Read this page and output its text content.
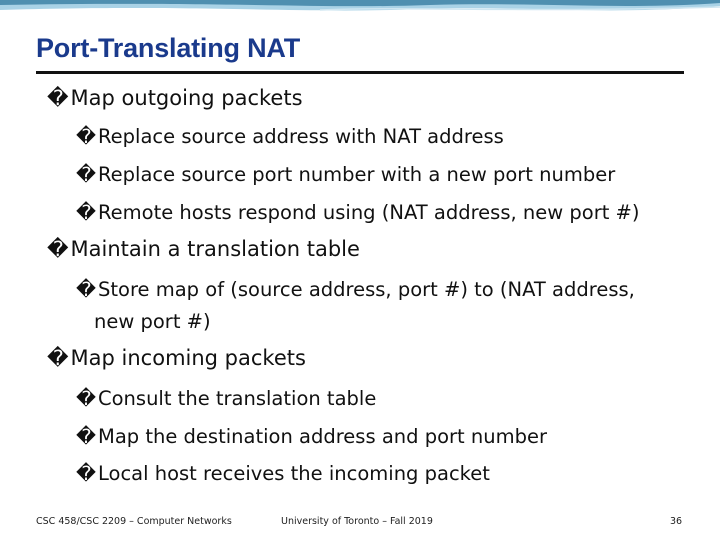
Port-Translating NAT
�Map outgoing packets
� Replace source address with NAT address
� Replace source port number with a new port number
� Remote hosts respond using (NAT address, new port #)
�Maintain a translation table
� Store map of (source address, port #) to (NAT address,
new port #)
�Map incoming packets
� Consult the translation table
� Map the destination address and port number
� Local host receives the incoming packet
CSC 458/CSC 2209 – Computer Networks	University of Toronto – Fall 2019	36
